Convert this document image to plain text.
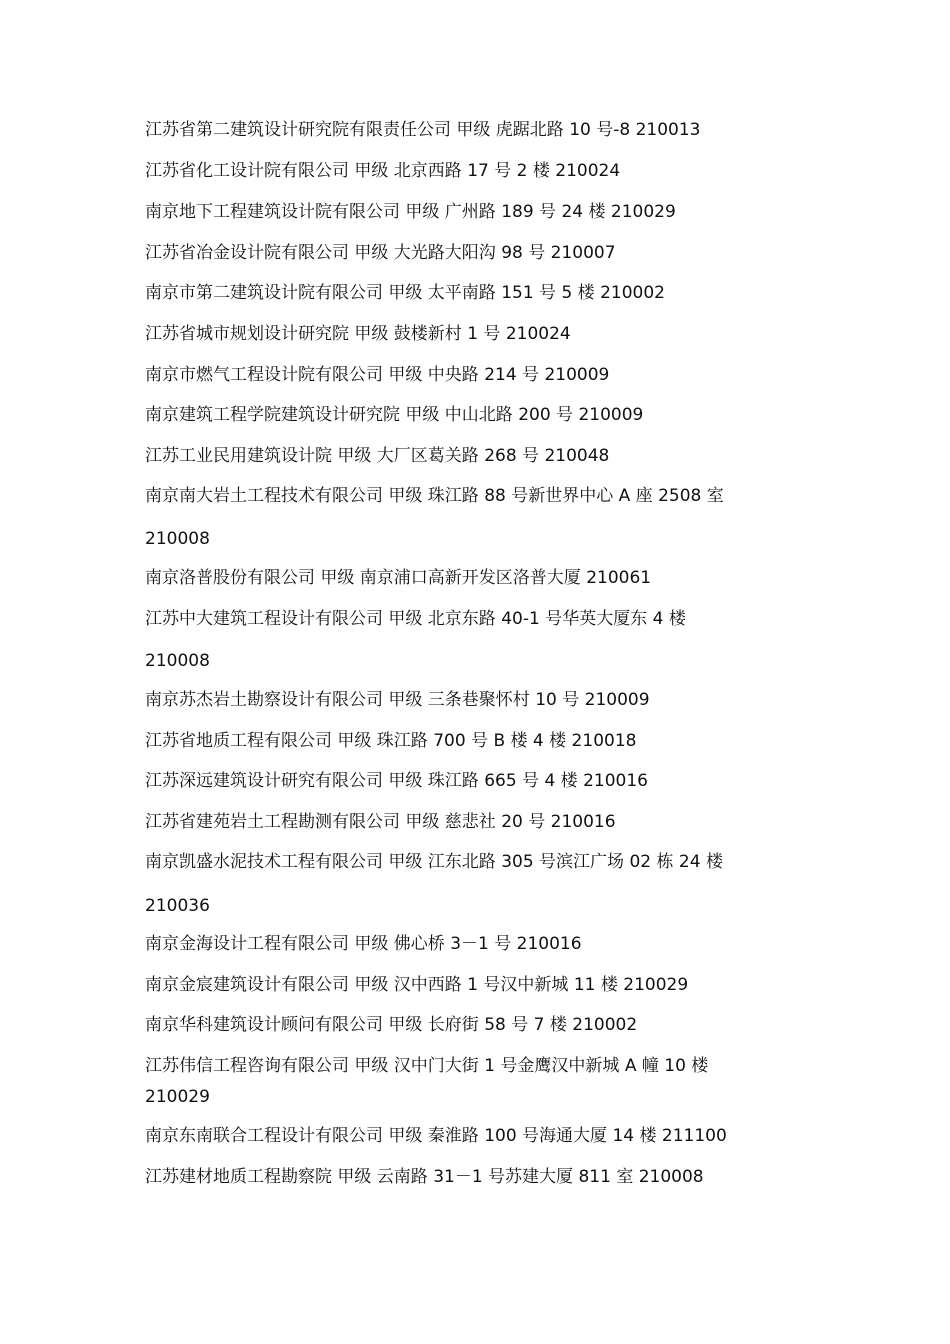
江苏省第二建筑设计研究院有限责任公司 甲级 虎踞北路 10 号-8 210013
江苏省化工设计院有限公司 甲级 北京西路 17 号 2 楼 210024
南京地下工程建筑设计院有限公司 甲级 广州路 189 号 24 楼 210029
江苏省冶金设计院有限公司 甲级 大光路大阳沟 98 号 210007
南京市第二建筑设计院有限公司 甲级 太平南路 151 号 5 楼 210002
江苏省城市规划设计研究院 甲级 鼓楼新村 1 号 210024
南京市燃气工程设计院有限公司 甲级 中央路 214 号 210009
南京建筑工程学院建筑设计研究院 甲级 中山北路 200 号 210009
江苏工业民用建筑设计院 甲级 大厂区葛关路 268 号 210048
南京南大岩土工程技术有限公司 甲级 珠江路 88 号新世界中心 A 座 2508 室
210008
南京洛普股份有限公司 甲级 南京浦口高新开发区洛普大厦 210061
江苏中大建筑工程设计有限公司 甲级 北京东路 40-1 号华英大厦东 4 楼
210008
南京苏杰岩土勘察设计有限公司 甲级 三条巷聚怀村 10 号 210009
江苏省地质工程有限公司 甲级 珠江路 700 号 B 楼 4 楼 210018
江苏深远建筑设计研究有限公司 甲级 珠江路 665 号 4 楼 210016
江苏省建苑岩土工程勘测有限公司 甲级 慈悲社 20 号 210016
南京凯盛水泥技术工程有限公司 甲级 江东北路 305 号滨江广场 02 栋 24 楼
210036
南京金海设计工程有限公司 甲级 佛心桥 3－1 号 210016
南京金宸建筑设计有限公司 甲级 汉中西路 1 号汉中新城 11 楼 210029
南京华科建筑设计顾问有限公司 甲级 长府街 58 号 7 楼 210002
江苏伟信工程咨询有限公司 甲级 汉中门大街 1 号金鹰汉中新城 A 幢 10 楼
210029
南京东南联合工程设计有限公司 甲级 秦淮路 100 号海通大厦 14 楼 211100
江苏建材地质工程勘察院 甲级 云南路 31－1 号苏建大厦 811 室 210008
